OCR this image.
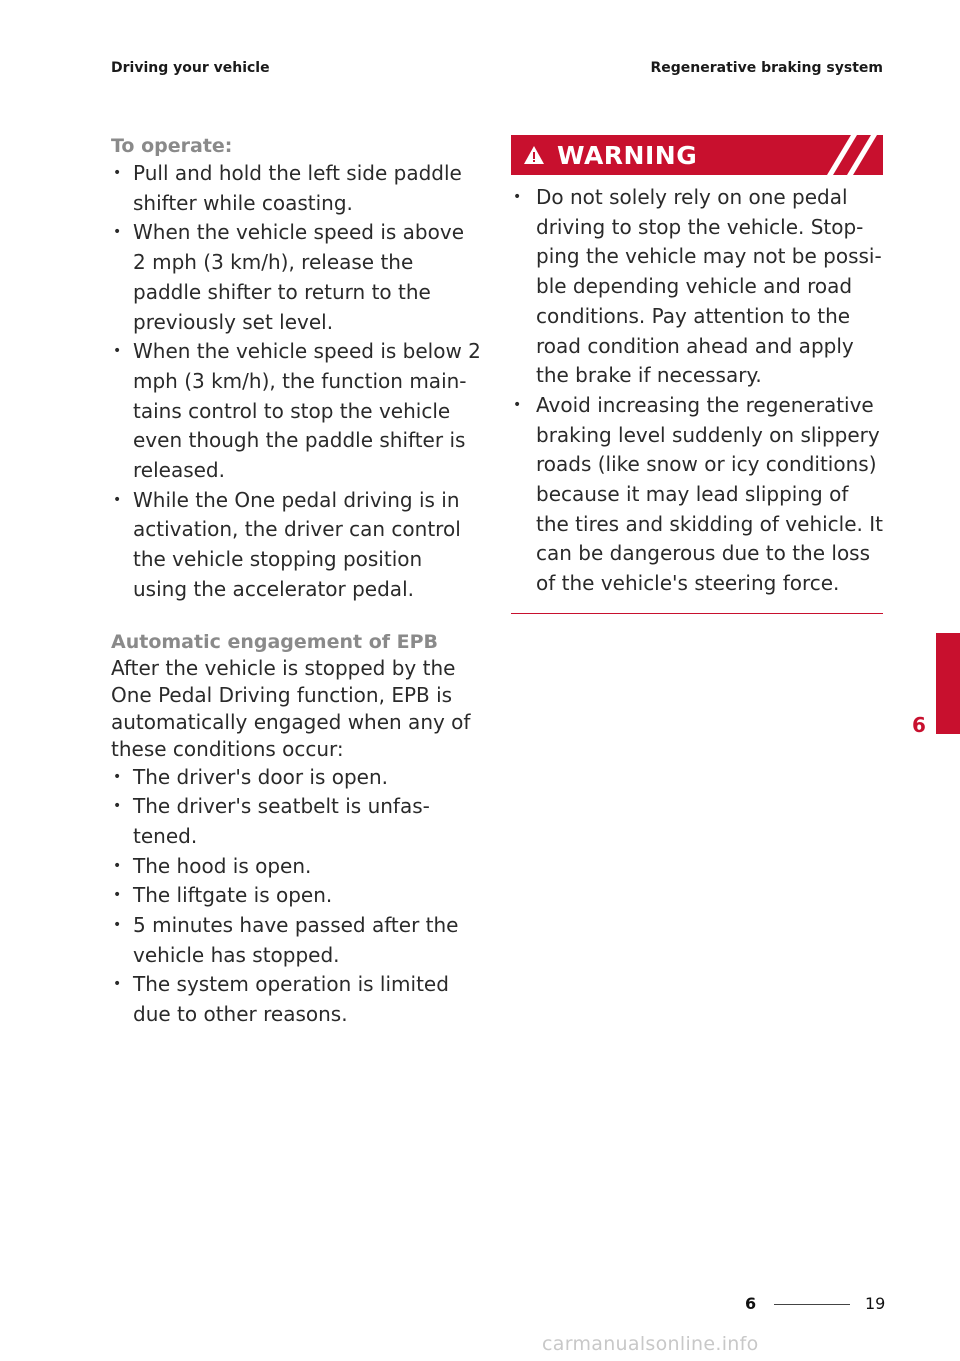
Driving your vehicle	Regenerative braking system
To operate:
• Pull and hold the left side paddle shifter while coasting.
• When the vehicle speed is above 2 mph (3 km/h), release the paddle shifter to return to the previously set level.
• When the vehicle speed is below 2 mph (3 km/h), the function main-tains control to stop the vehicle even though the paddle shifter is released.
• While the One pedal driving is in activation, the driver can control the vehicle stopping position using the accelerator pedal.
Automatic engagement of EPB
After the vehicle is stopped by the One Pedal Driving function, EPB is automatically engaged when any of these conditions occur:
• The driver's door is open.
• The driver's seatbelt is unfas-tened.
• The hood is open.
• The liftgate is open.
• 5 minutes have passed after the vehicle has stopped.
• The system operation is limited due to other reasons.
WARNING
• Do not solely rely on one pedal driving to stop the vehicle. Stop-ping the vehicle may not be possi-ble depending vehicle and road conditions. Pay attention to the road condition ahead and apply the brake if necessary.
• Avoid increasing the regenerative braking level suddenly on slippery roads (like snow or icy conditions) because it may lead slipping of the tires and skidding of vehicle. It can be dangerous due to the loss of the vehicle's steering force.
6
6	19
carmanualsonline.info
